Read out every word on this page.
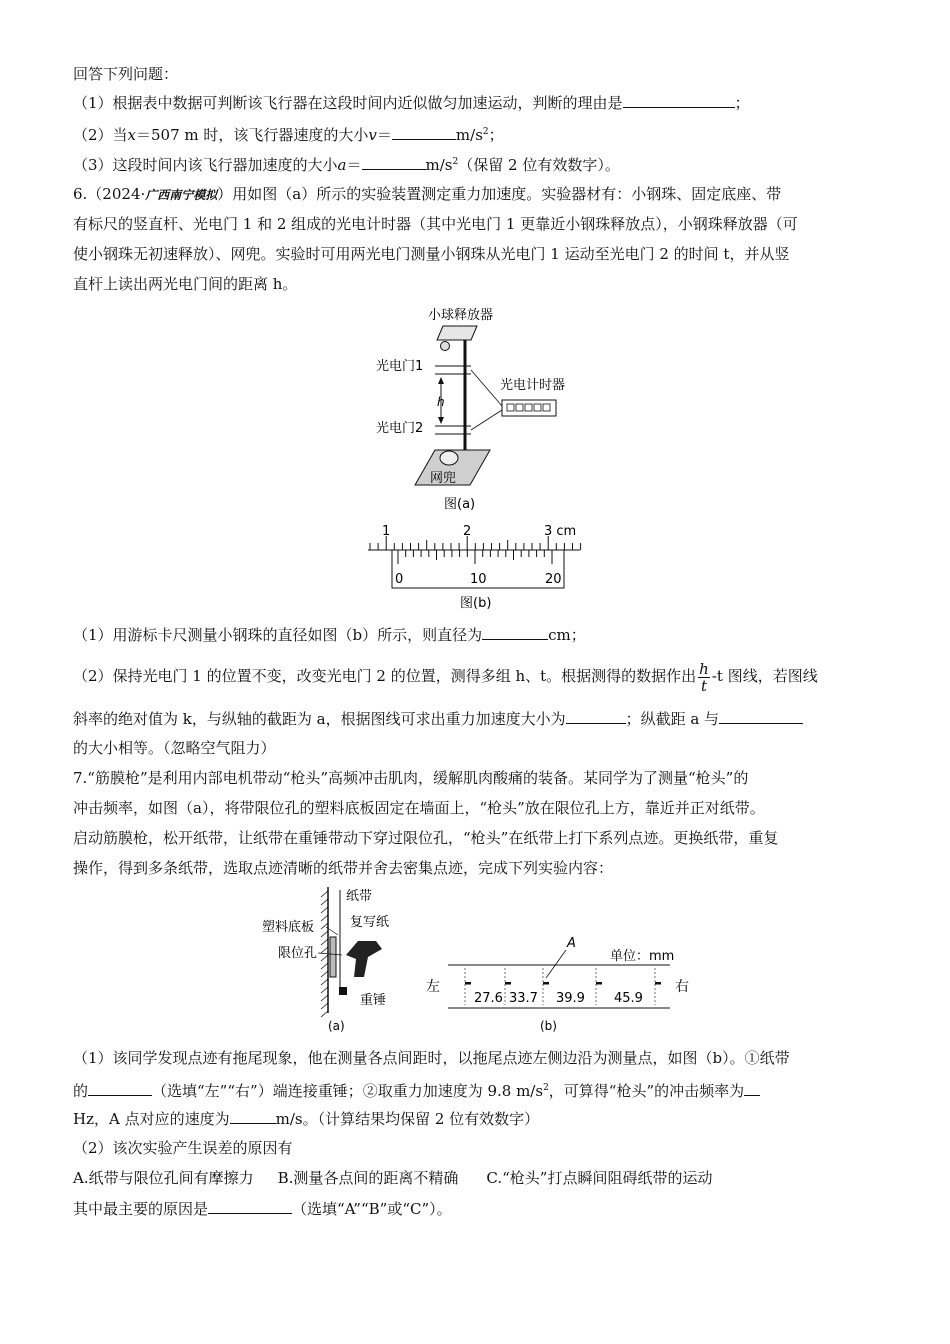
回答下列问题：
（1）根据表中数据可判断该飞行器在这段时间内近似做匀加速运动，判断的理由是	；
（2）当x＝507 m 时，该飞行器速度的大小v＝	$m/s^2$；
（3）这段时间内该飞行器加速度的大小a＝	$m/s^2$（保留 2 位有效数字）。
6.（2024·广西南宁模拟）用如图（a）所示的实验装置测定重力加速度。实验器材有：小钢珠、固定底座、带
有标尺的竖直杆、光电门 1 和 2 组成的光电计时器（其中光电门 1 更靠近小钢珠释放点），小钢珠释放器（可
使小钢珠无初速释放）、网兜。实验时可用两光电门测量小钢珠从光电门 1 运动至光电门 2 的时间 t，并从竖
直杆上读出两光电门间的距离 h。
小球释放器
光电门1
光电门2
h
光电计时器
网兜
图(a)
1	2	3 cm
0	10	20
图(b)
（1）用游标卡尺测量小钢珠的直径如图（b）所示，则直径为	cm；
（2）保持光电门 1 的位置不变，改变光电门 2 的位置，测得多组 h、t。根据测得的数据作出 $\frac{h}{t} -t$ 图线，若图线
斜率的绝对值为 k，与纵轴的截距为 a，根据图线可求出重力加速度大小为	；纵截距 a 与
的大小相等。（忽略空气阻力）
7.“筋膜枪”是利用内部电机带动“枪头”高频冲击肌肉，缓解肌肉酸痛的装备。某同学为了测量“枪头”的
冲击频率，如图（a），将带限位孔的塑料底板固定在墙面上，“枪头”放在限位孔上方，靠近并正对纸带。
启动筋膜枪，松开纸带，让纸带在重锤带动下穿过限位孔，“枪头”在纸带上打下系列点迹。更换纸带，重复
操作，得到多条纸带，选取点迹清晰的纸带并舍去密集点迹，完成下列实验内容：
纸带
塑料底板	复写纸
限位孔
重锤
(a)
左	右
A
单位：mm
27.6 33.7 39.9 45.9
(b)
（1）该同学发现点迹有拖尾现象，他在测量各点间距时，以拖尾点迹左侧边沿为测量点，如图（b）。①纸带
的	（选填“左”“右”）端连接重锤；②取重力加速度为 9.8 $m/s^2$，可算得“枪头”的冲击频率为
Hz，A 点对应的速度为	m/s。（计算结果均保留 2 位有效数字）
（2）该次实验产生误差的原因有
A.纸带与限位孔间有摩擦力 B.测量各点间的距离不精确 C.“枪头”打点瞬间阻碍纸带的运动
其中最主要的原因是	（选填“A”“B”或“C”）。
